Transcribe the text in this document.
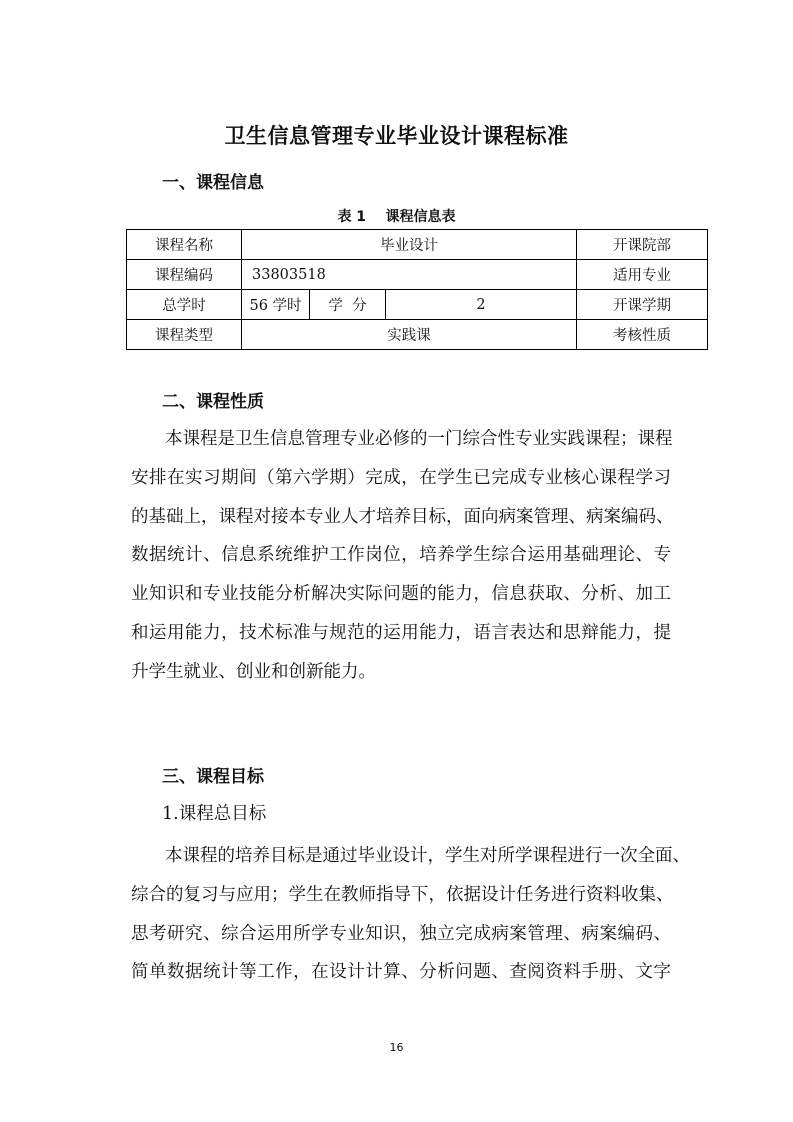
卫生信息管理专业毕业设计课程标准
一、课程信息
表 1    课程信息表
课程名称	毕业设计			开课院部	
课程编码	33803518			适用专业	
总学时	56 学时	学  分	2	开课学期	
课程类型	实践课			考核性质	
二、课程性质
本课程是卫生信息管理专业必修的一门综合性专业实践课程；课程
安排在实习期间（第六学期）完成，在学生已完成专业核心课程学习
的基础上，课程对接本专业人才培养目标，面向病案管理、病案编码、
数据统计、信息系统维护工作岗位，培养学生综合运用基础理论、专
业知识和专业技能分析解决实际问题的能力，信息获取、分析、加工
和运用能力，技术标准与规范的运用能力，语言表达和思辩能力，提
升学生就业、创业和创新能力。
三、课程目标
1.课程总目标
本课程的培养目标是通过毕业设计，学生对所学课程进行一次全面、
综合的复习与应用；学生在教师指导下，依据设计任务进行资料收集、
思考研究、综合运用所学专业知识，独立完成病案管理、病案编码、
简单数据统计等工作，在设计计算、分析问题、查阅资料手册、文字
16
